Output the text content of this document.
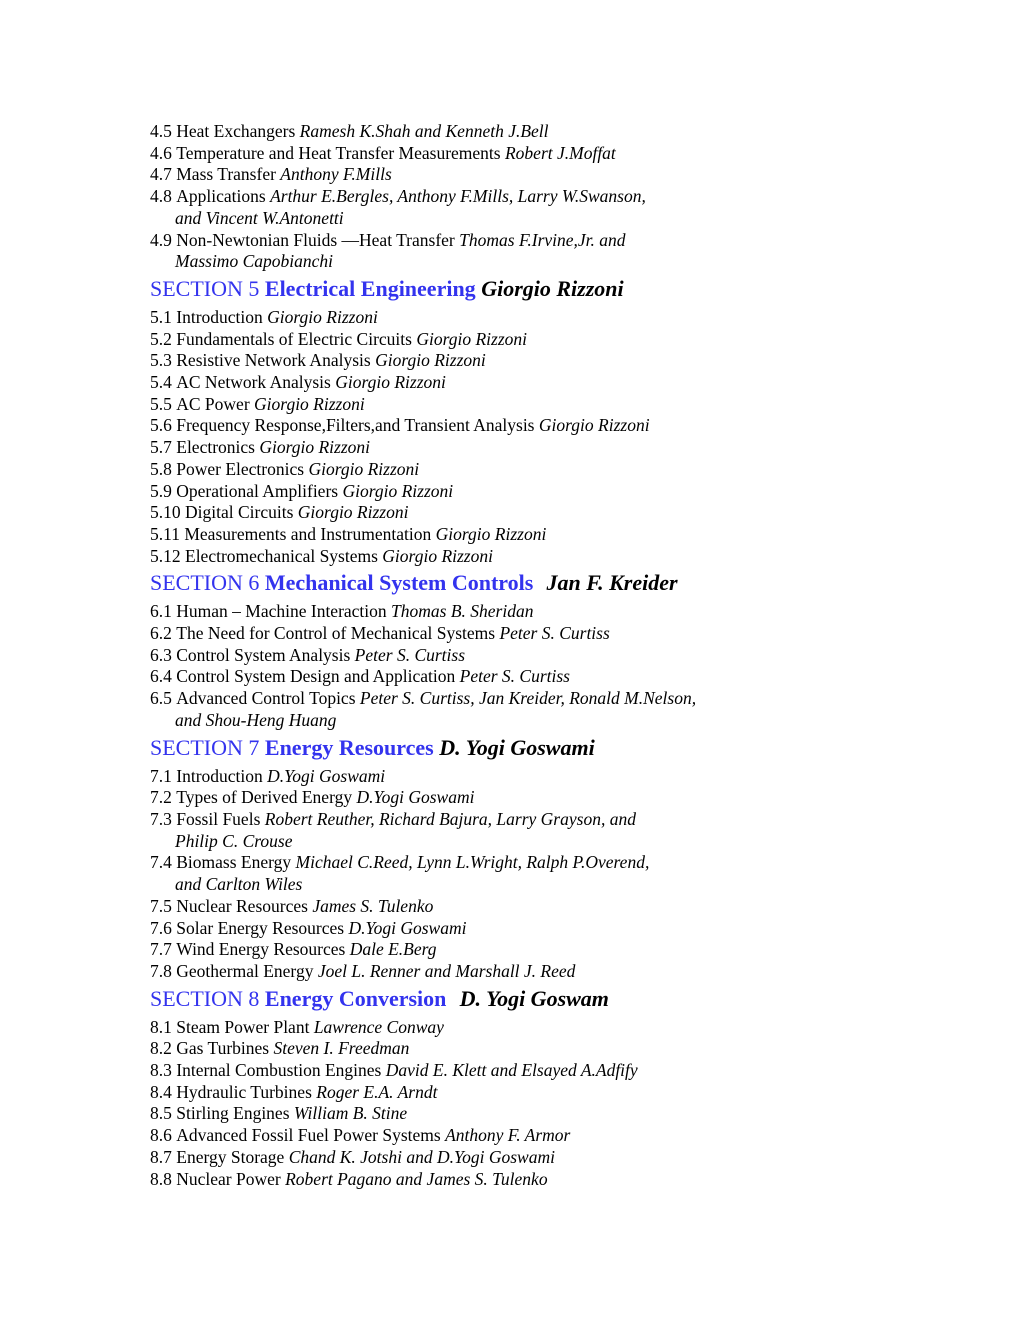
4.5 Heat Exchangers Ramesh K.Shah and Kenneth J.Bell
4.6 Temperature and Heat Transfer Measurements Robert J.Moffat
4.7 Mass Transfer Anthony F.Mills
4.8 Applications Arthur E.Bergles, Anthony F.Mills, Larry W.Swanson,
and Vincent W.Antonetti
4.9 Non-Newtonian Fluids —Heat Transfer Thomas F.Irvine,Jr. and
Massimo Capobianchi
SECTION 5 Electrical Engineering Giorgio Rizzoni
5.1 Introduction Giorgio Rizzoni
5.2 Fundamentals of Electric Circuits Giorgio Rizzoni
5.3 Resistive Network Analysis Giorgio Rizzoni
5.4 AC Network Analysis Giorgio Rizzoni
5.5 AC Power Giorgio Rizzoni
5.6 Frequency Response,Filters,and Transient Analysis Giorgio Rizzoni
5.7 Electronics Giorgio Rizzoni
5.8 Power Electronics Giorgio Rizzoni
5.9 Operational Amplifiers Giorgio Rizzoni
5.10 Digital Circuits Giorgio Rizzoni
5.11 Measurements and Instrumentation Giorgio Rizzoni
5.12 Electromechanical Systems Giorgio Rizzoni
SECTION 6 Mechanical System Controls Jan F. Kreider
6.1 Human – Machine Interaction Thomas B. Sheridan
6.2 The Need for Control of Mechanical Systems Peter S. Curtiss
6.3 Control System Analysis Peter S. Curtiss
6.4 Control System Design and Application Peter S. Curtiss
6.5 Advanced Control Topics Peter S. Curtiss, Jan Kreider, Ronald M.Nelson,
and Shou-Heng Huang
SECTION 7 Energy Resources D. Yogi Goswami
7.1 Introduction D.Yogi Goswami
7.2 Types of Derived Energy D.Yogi Goswami
7.3 Fossil Fuels Robert Reuther, Richard Bajura, Larry Grayson, and
Philip C. Crouse
7.4 Biomass Energy Michael C.Reed, Lynn L.Wright, Ralph P.Overend,
and Carlton Wiles
7.5 Nuclear Resources James S. Tulenko
7.6 Solar Energy Resources D.Yogi Goswami
7.7 Wind Energy Resources Dale E.Berg
7.8 Geothermal Energy Joel L. Renner and Marshall J. Reed
SECTION 8 Energy Conversion D. Yogi Goswam
8.1 Steam Power Plant Lawrence Conway
8.2 Gas Turbines Steven I. Freedman
8.3 Internal Combustion Engines David E. Klett and Elsayed A.Adfify
8.4 Hydraulic Turbines Roger E.A. Arndt
8.5 Stirling Engines William B. Stine
8.6 Advanced Fossil Fuel Power Systems Anthony F. Armor
8.7 Energy Storage Chand K. Jotshi and D.Yogi Goswami
8.8 Nuclear Power Robert Pagano and James S. Tulenko
